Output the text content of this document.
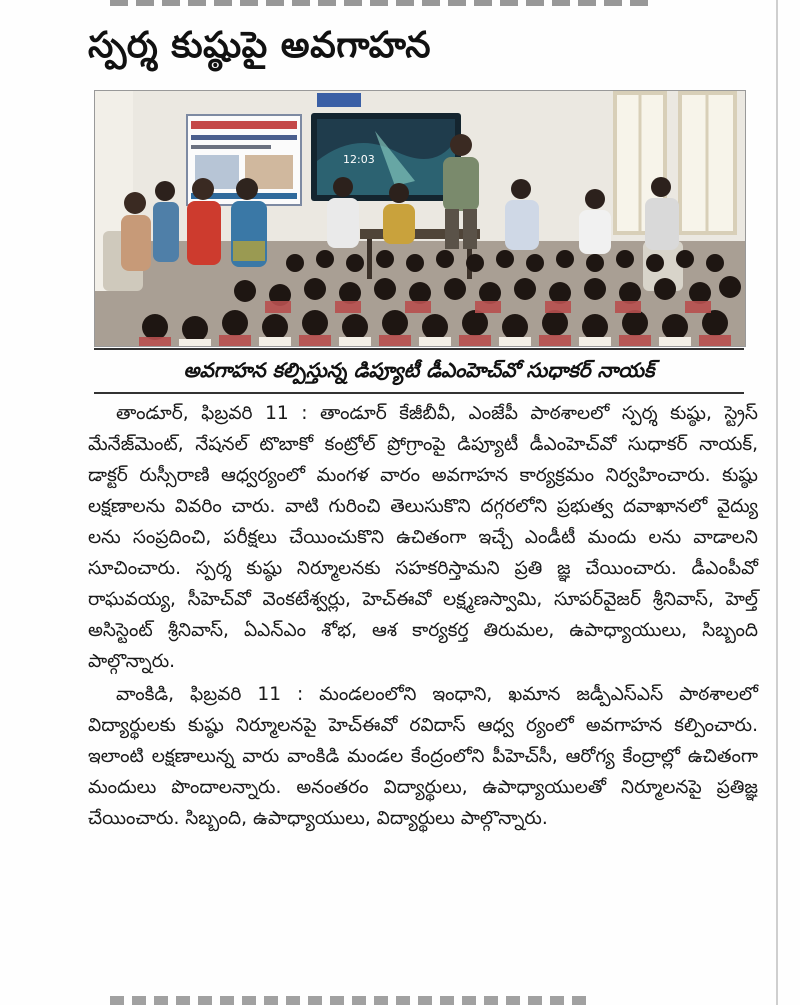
స్పర్శ కుష్ఠుపై అవగాహన
12:03
అవగాహన కల్పిస్తున్న డిప్యూటీ డీఎంహెచ్‌వో సుధాకర్ నాయక్

తాండూర్, ఫిబ్రవరి 11 : తాండూర్ కేజీబీవీ, ఎంజేపీ పాఠశాలలో స్పర్శ కుష్ఠు, స్ట్రెస్ మేనేజ్‌మెంట్, నేషనల్ టొబాకో కంట్రోల్ ప్రోగ్రాంపై డిప్యూటీ డీఎంహెచ్‌వో సుధాకర్ నాయక్, డాక్టర్ రుస్సీరాణి ఆధ్వర్యంలో మంగళ వారం అవగాహన కార్యక్రమం నిర్వహించారు. కుష్ఠు లక్షణాలను వివరిం చారు. వాటి గురించి తెలుసుకొని దగ్గరలోని ప్రభుత్వ దవాఖానలో వైద్యు లను సంప్రదించి, పరీక్షలు చేయించుకొని ఉచితంగా ఇచ్చే ఎండీటీ మందు లను వాడాలని సూచించారు. స్పర్శ కుష్ఠు నిర్మూలనకు సహకరిస్తామని ప్రతి జ్ఞ చేయించారు. డీఎంపీవో రాఘవయ్య, సీహెచ్‌వో వెంకటేశ్వర్లు, హెచ్ఈవో లక్ష్మణస్వామి, సూపర్‌వైజర్ శ్రీనివాస్, హెల్త్ అసిస్టెంట్ శ్రీనివాస్, ఏఎన్ఎం శోభ, ఆశ కార్యకర్త తిరుమల, ఉపాధ్యాయులు, సిబ్బంది పాల్గొన్నారు.

వాంకిడి, ఫిబ్రవరి 11 : మండలంలోని ఇంధాని, ఖమాన జడ్పీఎస్ఎస్ పాఠశాలలో విద్యార్థులకు కుష్ఠు నిర్మూలనపై హెచ్ఈవో రవిదాస్ ఆధ్వ ర్యంలో అవగాహన కల్పించారు. ఇలాంటి లక్షణాలున్న వారు వాంకిడి మండల కేంద్రంలోని పీహెచ్‌సీ, ఆరోగ్య కేంద్రాల్లో ఉచితంగా మందులు పొందాలన్నారు. అనంతరం విద్యార్థులు, ఉపాధ్యాయులతో నిర్మూలనపై ప్రతిజ్ఞ చేయించారు. సిబ్బంది, ఉపాధ్యాయులు, విద్యార్థులు పాల్గొన్నారు.
